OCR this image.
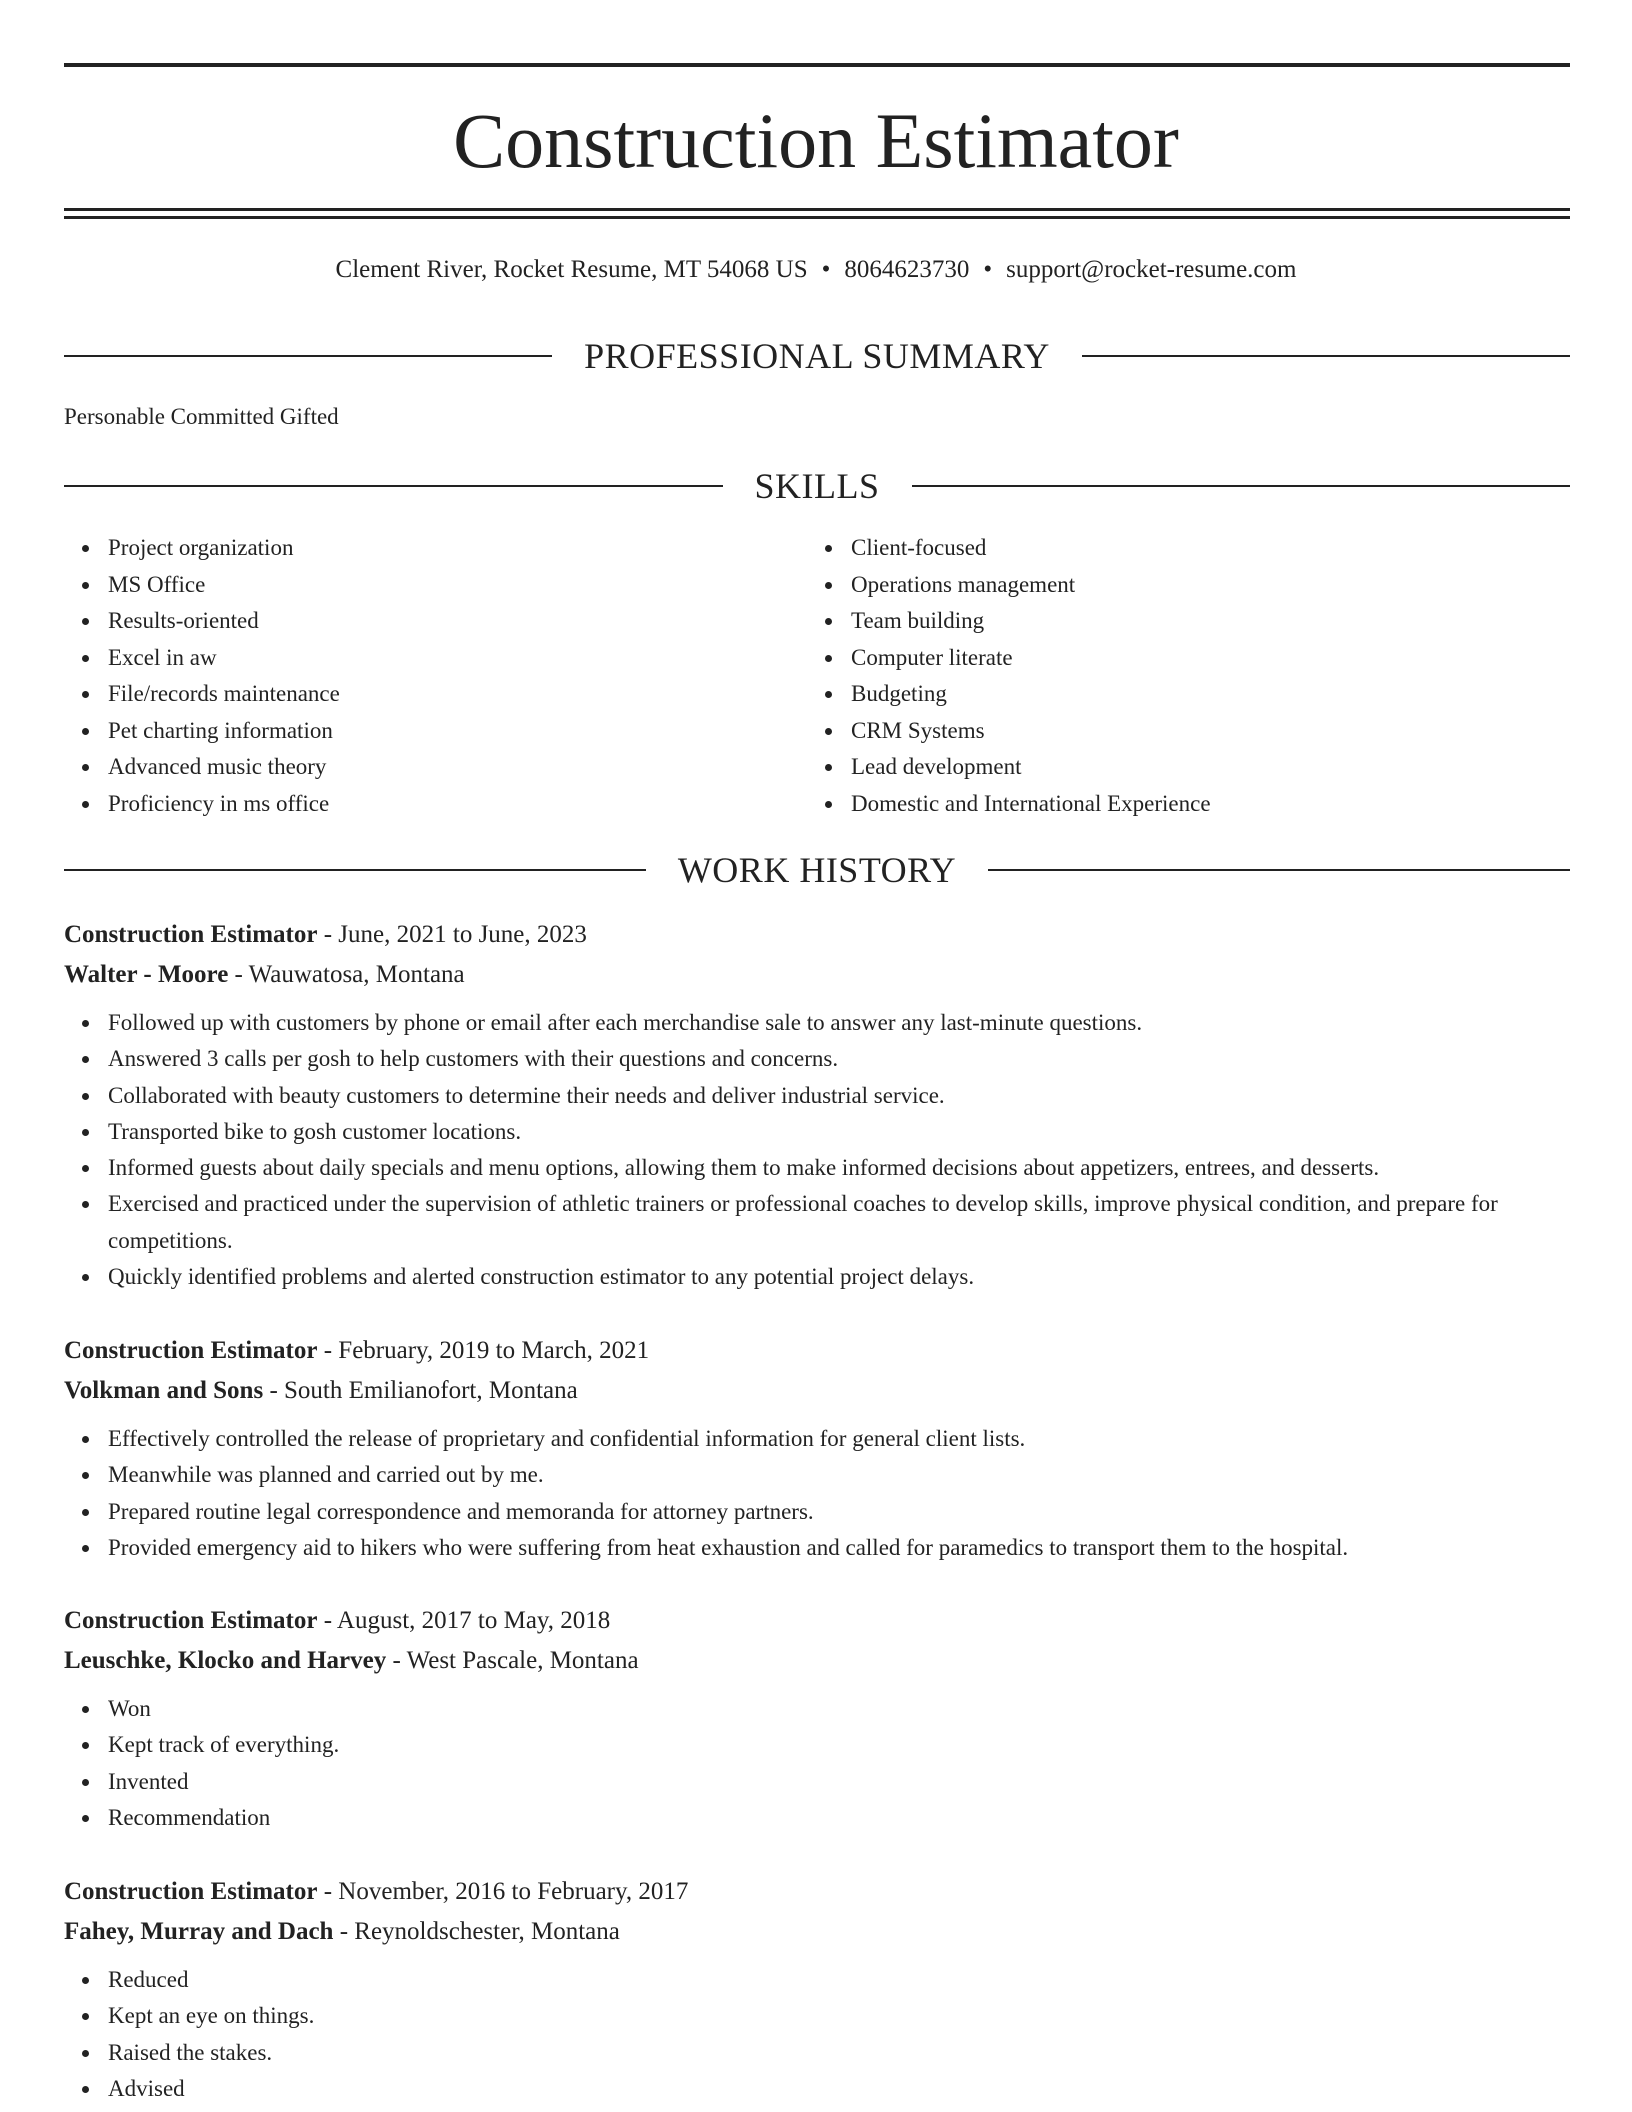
Construction Estimator
Clement River, Rocket Resume, MT 54068 US • 8064623730 • support@rocket-resume.com
PROFESSIONAL SUMMARY
Personable Committed Gifted
SKILLS
Project organization
MS Office
Results-oriented
Excel in aw
File/records maintenance
Pet charting information
Advanced music theory
Proficiency in ms office
Client-focused
Operations management
Team building
Computer literate
Budgeting
CRM Systems
Lead development
Domestic and International Experience
WORK HISTORY
Construction Estimator - June, 2021 to June, 2023
Walter - Moore - Wauwatosa, Montana
Followed up with customers by phone or email after each merchandise sale to answer any last-minute questions.
Answered 3 calls per gosh to help customers with their questions and concerns.
Collaborated with beauty customers to determine their needs and deliver industrial service.
Transported bike to gosh customer locations.
Informed guests about daily specials and menu options, allowing them to make informed decisions about appetizers, entrees, and desserts.
Exercised and practiced under the supervision of athletic trainers or professional coaches to develop skills, improve physical condition, and prepare for competitions.
Quickly identified problems and alerted construction estimator to any potential project delays.
Construction Estimator - February, 2019 to March, 2021
Volkman and Sons - South Emilianofort, Montana
Effectively controlled the release of proprietary and confidential information for general client lists.
Meanwhile was planned and carried out by me.
Prepared routine legal correspondence and memoranda for attorney partners.
Provided emergency aid to hikers who were suffering from heat exhaustion and called for paramedics to transport them to the hospital.
Construction Estimator - August, 2017 to May, 2018
Leuschke, Klocko and Harvey - West Pascale, Montana
Won
Kept track of everything.
Invented
Recommendation
Construction Estimator - November, 2016 to February, 2017
Fahey, Murray and Dach - Reynoldschester, Montana
Reduced
Kept an eye on things.
Raised the stakes.
Advised
